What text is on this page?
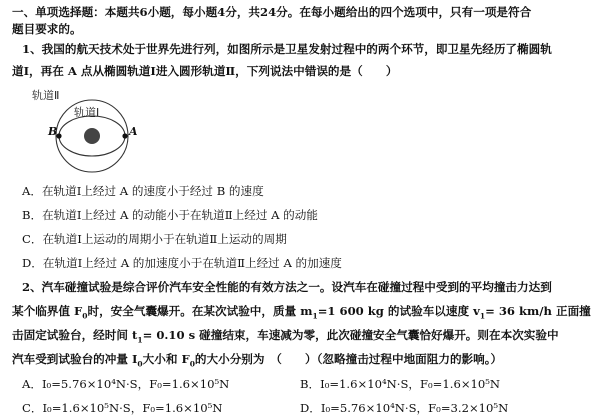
一、单项选择题：本题共6小题，每小题4分，共24分。在每小题给出的四个选项中，只有一项是符合
题目要求的。
1、我国的航天技术处于世界先进行列，如图所示是卫星发射过程中的两个环节，即卫星先经历了椭圆轨
道Ⅰ，再在 A 点从椭圆轨道Ⅰ进入圆形轨道Ⅱ，下列说法中错误的是（　　）
轨道Ⅱ
轨道Ⅰ
B	A
A．在轨道Ⅰ上经过 A 的速度小于经过 B 的速度
B．在轨道Ⅰ上经过 A 的动能小于在轨道Ⅱ上经过 A 的动能
C．在轨道Ⅰ上运动的周期小于在轨道Ⅱ上运动的周期
D．在轨道Ⅰ上经过 A 的加速度小于在轨道Ⅱ上经过 A 的加速度
2、汽车碰撞试验是综合评价汽车安全性能的有效方法之一。设汽车在碰撞过程中受到的平均撞击力达到
某个临界值 $F_0$时，安全气囊爆开。在某次试验中，质量 $m_1=1$ 600 kg 的试验车以速度 $v_1= 36$ km/h 正面撞
击固定试验台，经时间 $t_1= 0.10$ s 碰撞结束，车速减为零，此次碰撞安全气囊恰好爆开。则在本次实验中
汽车受到试验台的冲量 $I_0$大小和 $F_0$的大小分别为　（　　）（忽略撞击过程中地面阻力的影响。）
A．I₀=5.76×10⁴N·S，F₀=1.6×10⁵N	B．I₀=1.6×10⁴N·S，F₀=1.6×10⁵N
C．I₀=1.6×10⁵N·S，F₀=1.6×10⁵N	D．I₀=5.76×10⁴N·S，F₀=3.2×10⁵N
